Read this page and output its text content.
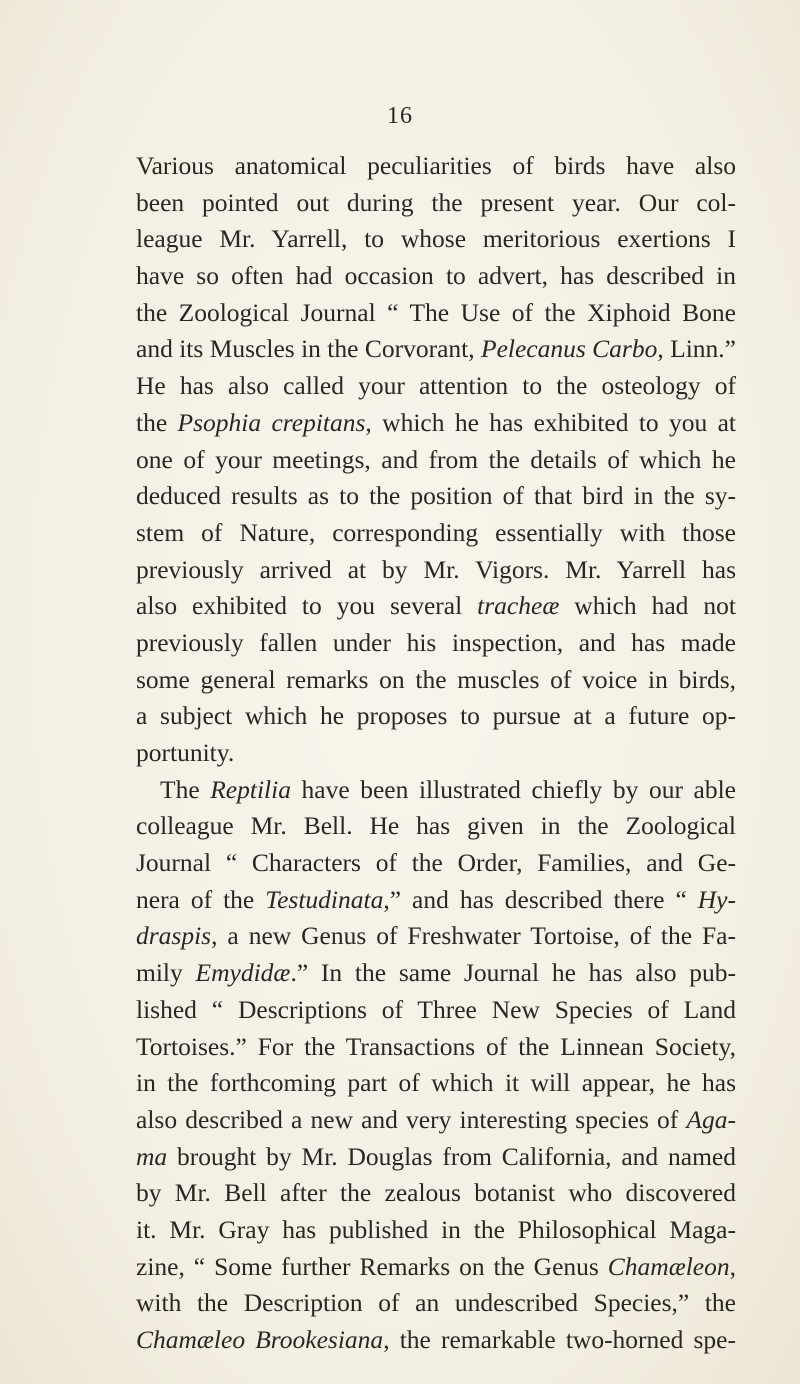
16
Various anatomical peculiarities of birds have also
been pointed out during the present year. Our col-
league Mr. Yarrell, to whose meritorious exertions I
have so often had occasion to advert, has described in
the Zoological Journal “ The Use of the Xiphoid Bone
and its Muscles in the Corvorant, Pelecanus Carbo, Linn.”
He has also called your attention to the osteology of
the Psophia crepitans, which he has exhibited to you at
one of your meetings, and from the details of which he
deduced results as to the position of that bird in the sy-
stem of Nature, corresponding essentially with those
previously arrived at by Mr. Vigors. Mr. Yarrell has
also exhibited to you several tracheæ which had not
previously fallen under his inspection, and has made
some general remarks on the muscles of voice in birds,
a subject which he proposes to pursue at a future op-
portunity.
The Reptilia have been illustrated chiefly by our able
colleague Mr. Bell. He has given in the Zoological
Journal “ Characters of the Order, Families, and Ge-
nera of the Testudinata,” and has described there “ Hy-
draspis, a new Genus of Freshwater Tortoise, of the Fa-
mily Emydidæ.” In the same Journal he has also pub-
lished “ Descriptions of Three New Species of Land
Tortoises.” For the Transactions of the Linnean Society,
in the forthcoming part of which it will appear, he has
also described a new and very interesting species of Aga-
ma brought by Mr. Douglas from California, and named
by Mr. Bell after the zealous botanist who discovered
it. Mr. Gray has published in the Philosophical Maga-
zine, “ Some further Remarks on the Genus Chamæleon,
with the Description of an undescribed Species,” the
Chamæleo Brookesiana, the remarkable two-horned spe-
